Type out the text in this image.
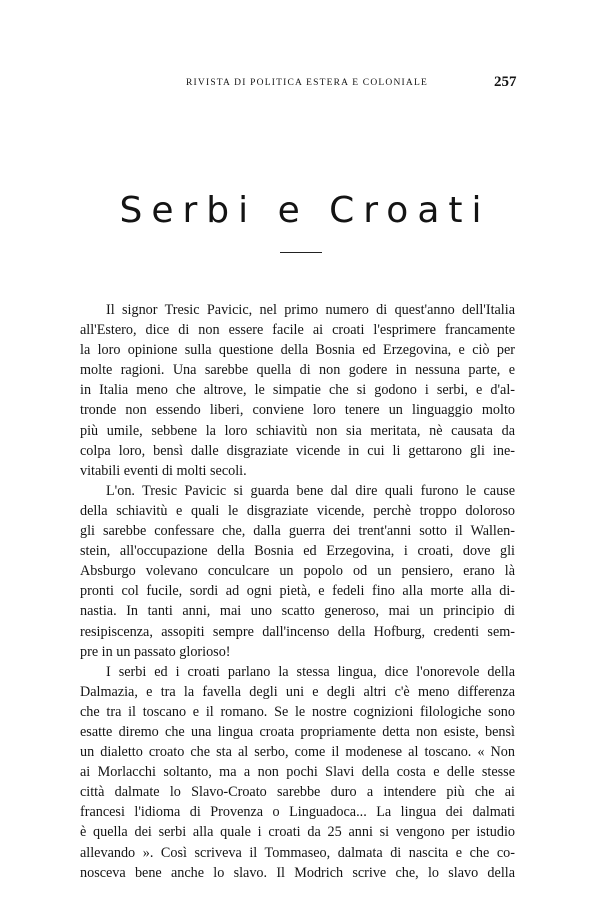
RIVISTA DI POLITICA ESTERA E COLONIALE	257
Serbi e Croati
Il signor Tresic Pavicic, nel primo numero di quest'anno dell'Italia
all'Estero, dice di non essere facile ai croati l'esprimere francamente
la loro opinione sulla questione della Bosnia ed Erzegovina, e ciò per
molte ragioni. Una sarebbe quella di non godere in nessuna parte, e
in Italia meno che altrove, le simpatie che si godono i serbi, e d'al-
tronde non essendo liberi, conviene loro tenere un linguaggio molto
più umile, sebbene la loro schiavitù non sia meritata, nè causata da
colpa loro, bensì dalle disgraziate vicende in cui li gettarono gli ine-
vitabili eventi di molti secoli.
L'on. Tresic Pavicic si guarda bene dal dire quali furono le cause
della schiavitù e quali le disgraziate vicende, perchè troppo doloroso
gli sarebbe confessare che, dalla guerra dei trent'anni sotto il Wallen-
stein, all'occupazione della Bosnia ed Erzegovina, i croati, dove gli
Absburgo volevano conculcare un popolo od un pensiero, erano là
pronti col fucile, sordi ad ogni pietà, e fedeli fino alla morte alla di-
nastia. In tanti anni, mai uno scatto generoso, mai un principio di
resipiscenza, assopiti sempre dall'incenso della Hofburg, credenti sem-
pre in un passato glorioso!
I serbi ed i croati parlano la stessa lingua, dice l'onorevole della
Dalmazia, e tra la favella degli uni e degli altri c'è meno differenza
che tra il toscano e il romano. Se le nostre cognizioni filologiche sono
esatte diremo che una lingua croata propriamente detta non esiste, bensì
un dialetto croato che sta al serbo, come il modenese al toscano. « Non
ai Morlacchi soltanto, ma a non pochi Slavi della costa e delle stesse
città dalmate lo Slavo-Croato sarebbe duro a intendere più che ai
francesi l'idioma di Provenza o Linguadoca... La lingua dei dalmati
è quella dei serbi alla quale i croati da 25 anni si vengono per istudio
allevando ». Così scriveva il Tommaseo, dalmata di nascita e che co-
nosceva bene anche lo slavo. Il Modrich scrive che, lo slavo della
